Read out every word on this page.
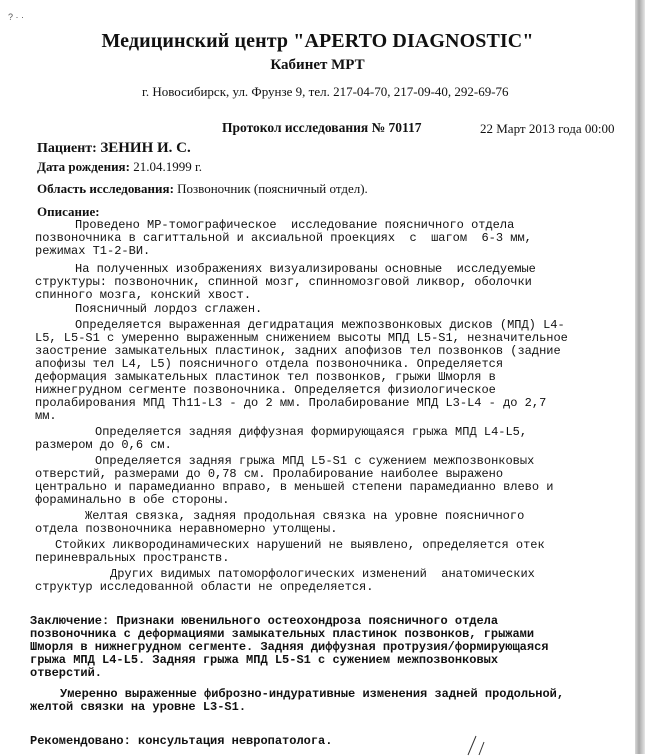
? · ·
Медицинский центр "APERTO DIAGNOSTIC"
Кабинет МРТ
г. Новосибирск, ул. Фрунзе 9, тел. 217-04-70, 217-09-40, 292-69-76
Протокол исследования № 70117	22 Март 2013 года 00:00
Пациент: ЗЕНИН И. С.
Дата рождения: 21.04.1999 г.
Область исследования: Позвоночник (поясничный отдел).
Описание:
Проведено МР-томографическое  исследование поясничного отдела
позвоночника в сагиттальной и аксиальной проекциях  с  шагом  6-3 мм,
режимах Т1-2-ВИ.
На полученных изображениях визуализированы основные  исследуемые
структуры: позвоночник, спинной мозг, спинномозговой ликвор, оболочки
спинного мозга, конский хвост.
Поясничный лордоз сглажен.
Определяется выраженная дегидратация межпозвонковых дисков (МПД) L4-
L5, L5-S1 с умеренно выраженным снижением высоты МПД L5-S1, незначительное
заострение замыкательных пластинок, задних апофизов тел позвонков (задние
апофизы тел L4, L5) поясничного отдела позвоночника. Определяется
деформация замыкательных пластинок тел позвонков, грыжи Шморля в
нижнегрудном сегменте позвоночника. Определяется физиологическое
пролабирования МПД Th11-L3 - до 2 мм. Пролабирование МПД L3-L4 - до 2,7
мм.
Определяется задняя диффузная формирующаяся грыжа МПД L4-L5,
размером до 0,6 см.
Определяется задняя грыжа МПД L5-S1 с сужением межпозвонковых
отверстий, размерами до 0,78 см. Пролабирование наиболее выражено
центрально и парамедианно вправо, в меньшей степени парамедианно влево и
фораминально в обе стороны.
Желтая связка, задняя продольная связка на уровне поясничного
отдела позвоночника неравномерно утолщены.
Стойких ликвородинамических нарушений не выявлено, определяется отек
периневральных пространств.
Других видимых патоморфологических изменений  анатомических
структур исследованной области не определяется.
Заключение: Признаки ювенильного остеохондроза поясничного отдела
позвоночника с деформациями замыкательных пластинок позвонков, грыжами
Шморля в нижнегрудном сегменте. Задняя диффузная протрузия/формирующаяся
грыжа МПД L4-L5. Задняя грыжа МПД L5-S1 с сужением межпозвонковых
отверстий.
Умеренно выраженные фиброзно-индуративные изменения задней продольной,
желтой связки на уровне L3-S1.
Рекомендовано: консультация невропатолога.
